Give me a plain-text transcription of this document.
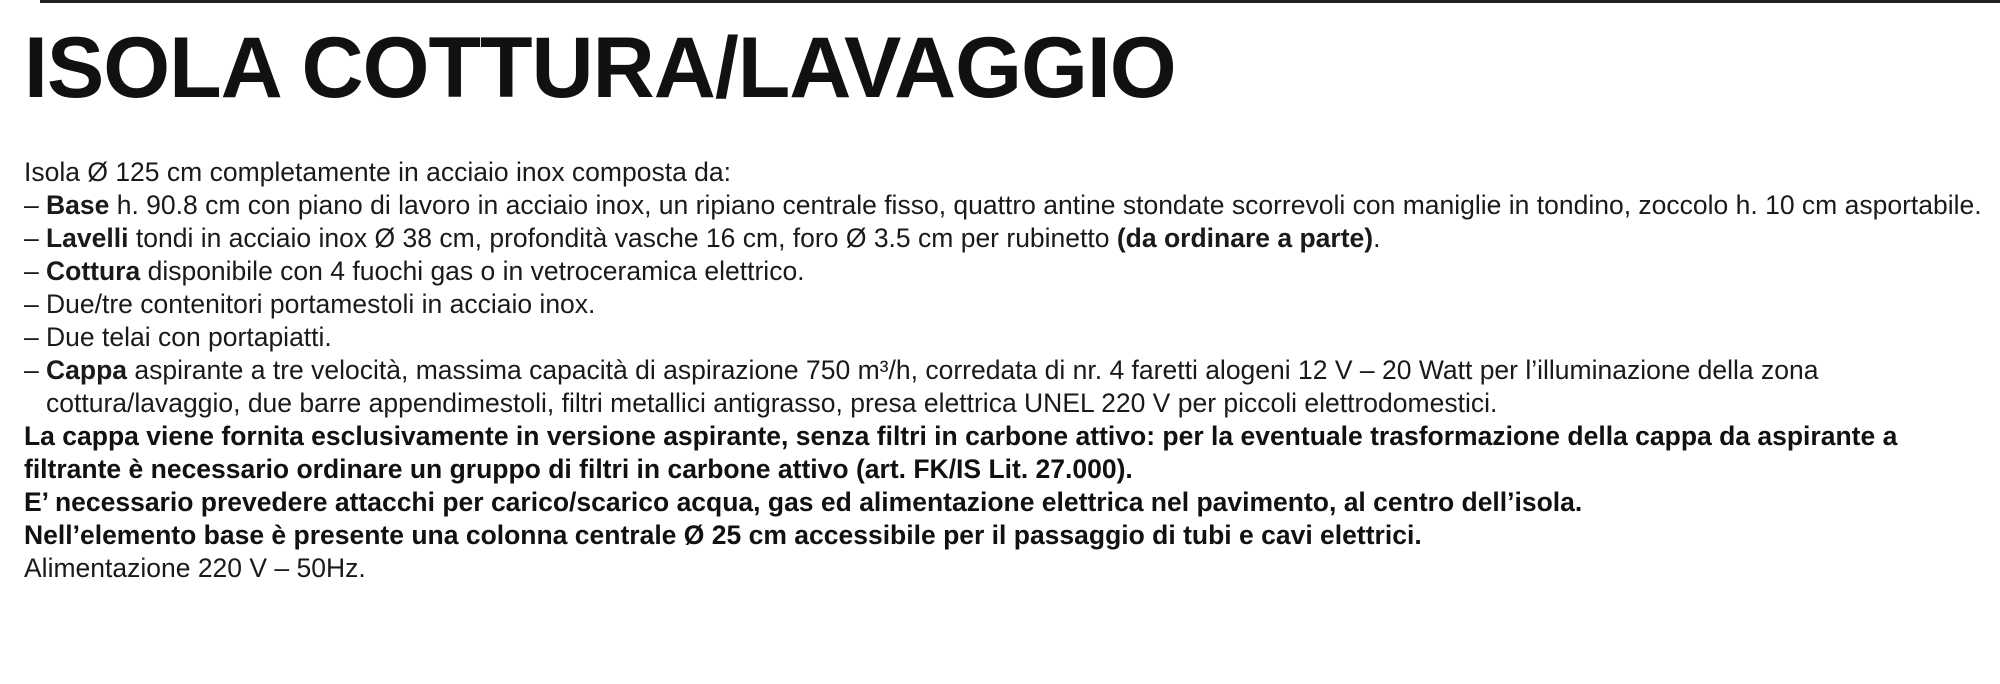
ISOLA COTTURA/LAVAGGIO

Isola Ø 125 cm completamente in acciaio inox composta da:

– Base h. 90.8 cm con piano di lavoro in acciaio inox, un ripiano centrale fisso, quattro antine stondate scorrevoli con maniglie in tondino, zoccolo h. 10 cm asportabile.

– Lavelli tondi in acciaio inox Ø 38 cm, profondità vasche 16 cm, foro Ø 3.5 cm per rubinetto (da ordinare a parte).

– Cottura disponibile con 4 fuochi gas o in vetroceramica elettrico.

– Due/tre contenitori portamestoli in acciaio inox.

– Due telai con portapiatti.

– Cappa aspirante a tre velocità, massima capacità di aspirazione 750 m³/h, corredata di nr. 4 faretti alogeni 12 V – 20 Watt per l’illuminazione della zona cottura/lavaggio, due barre appendimestoli, filtri metallici antigrasso, presa elettrica UNEL 220 V per piccoli elettrodomestici.

La cappa viene fornita esclusivamente in versione aspirante, senza filtri in carbone attivo: per la eventuale trasformazione della cappa da aspirante a filtrante è necessario ordinare un gruppo di filtri in carbone attivo (art. FK/IS Lit. 27.000).

E’ necessario prevedere attacchi per carico/scarico acqua, gas ed alimentazione elettrica nel pavimento, al centro dell’isola.

Nell’elemento base è presente una colonna centrale Ø 25 cm accessibile per il passaggio di tubi e cavi elettrici.

Alimentazione 220 V – 50Hz.
